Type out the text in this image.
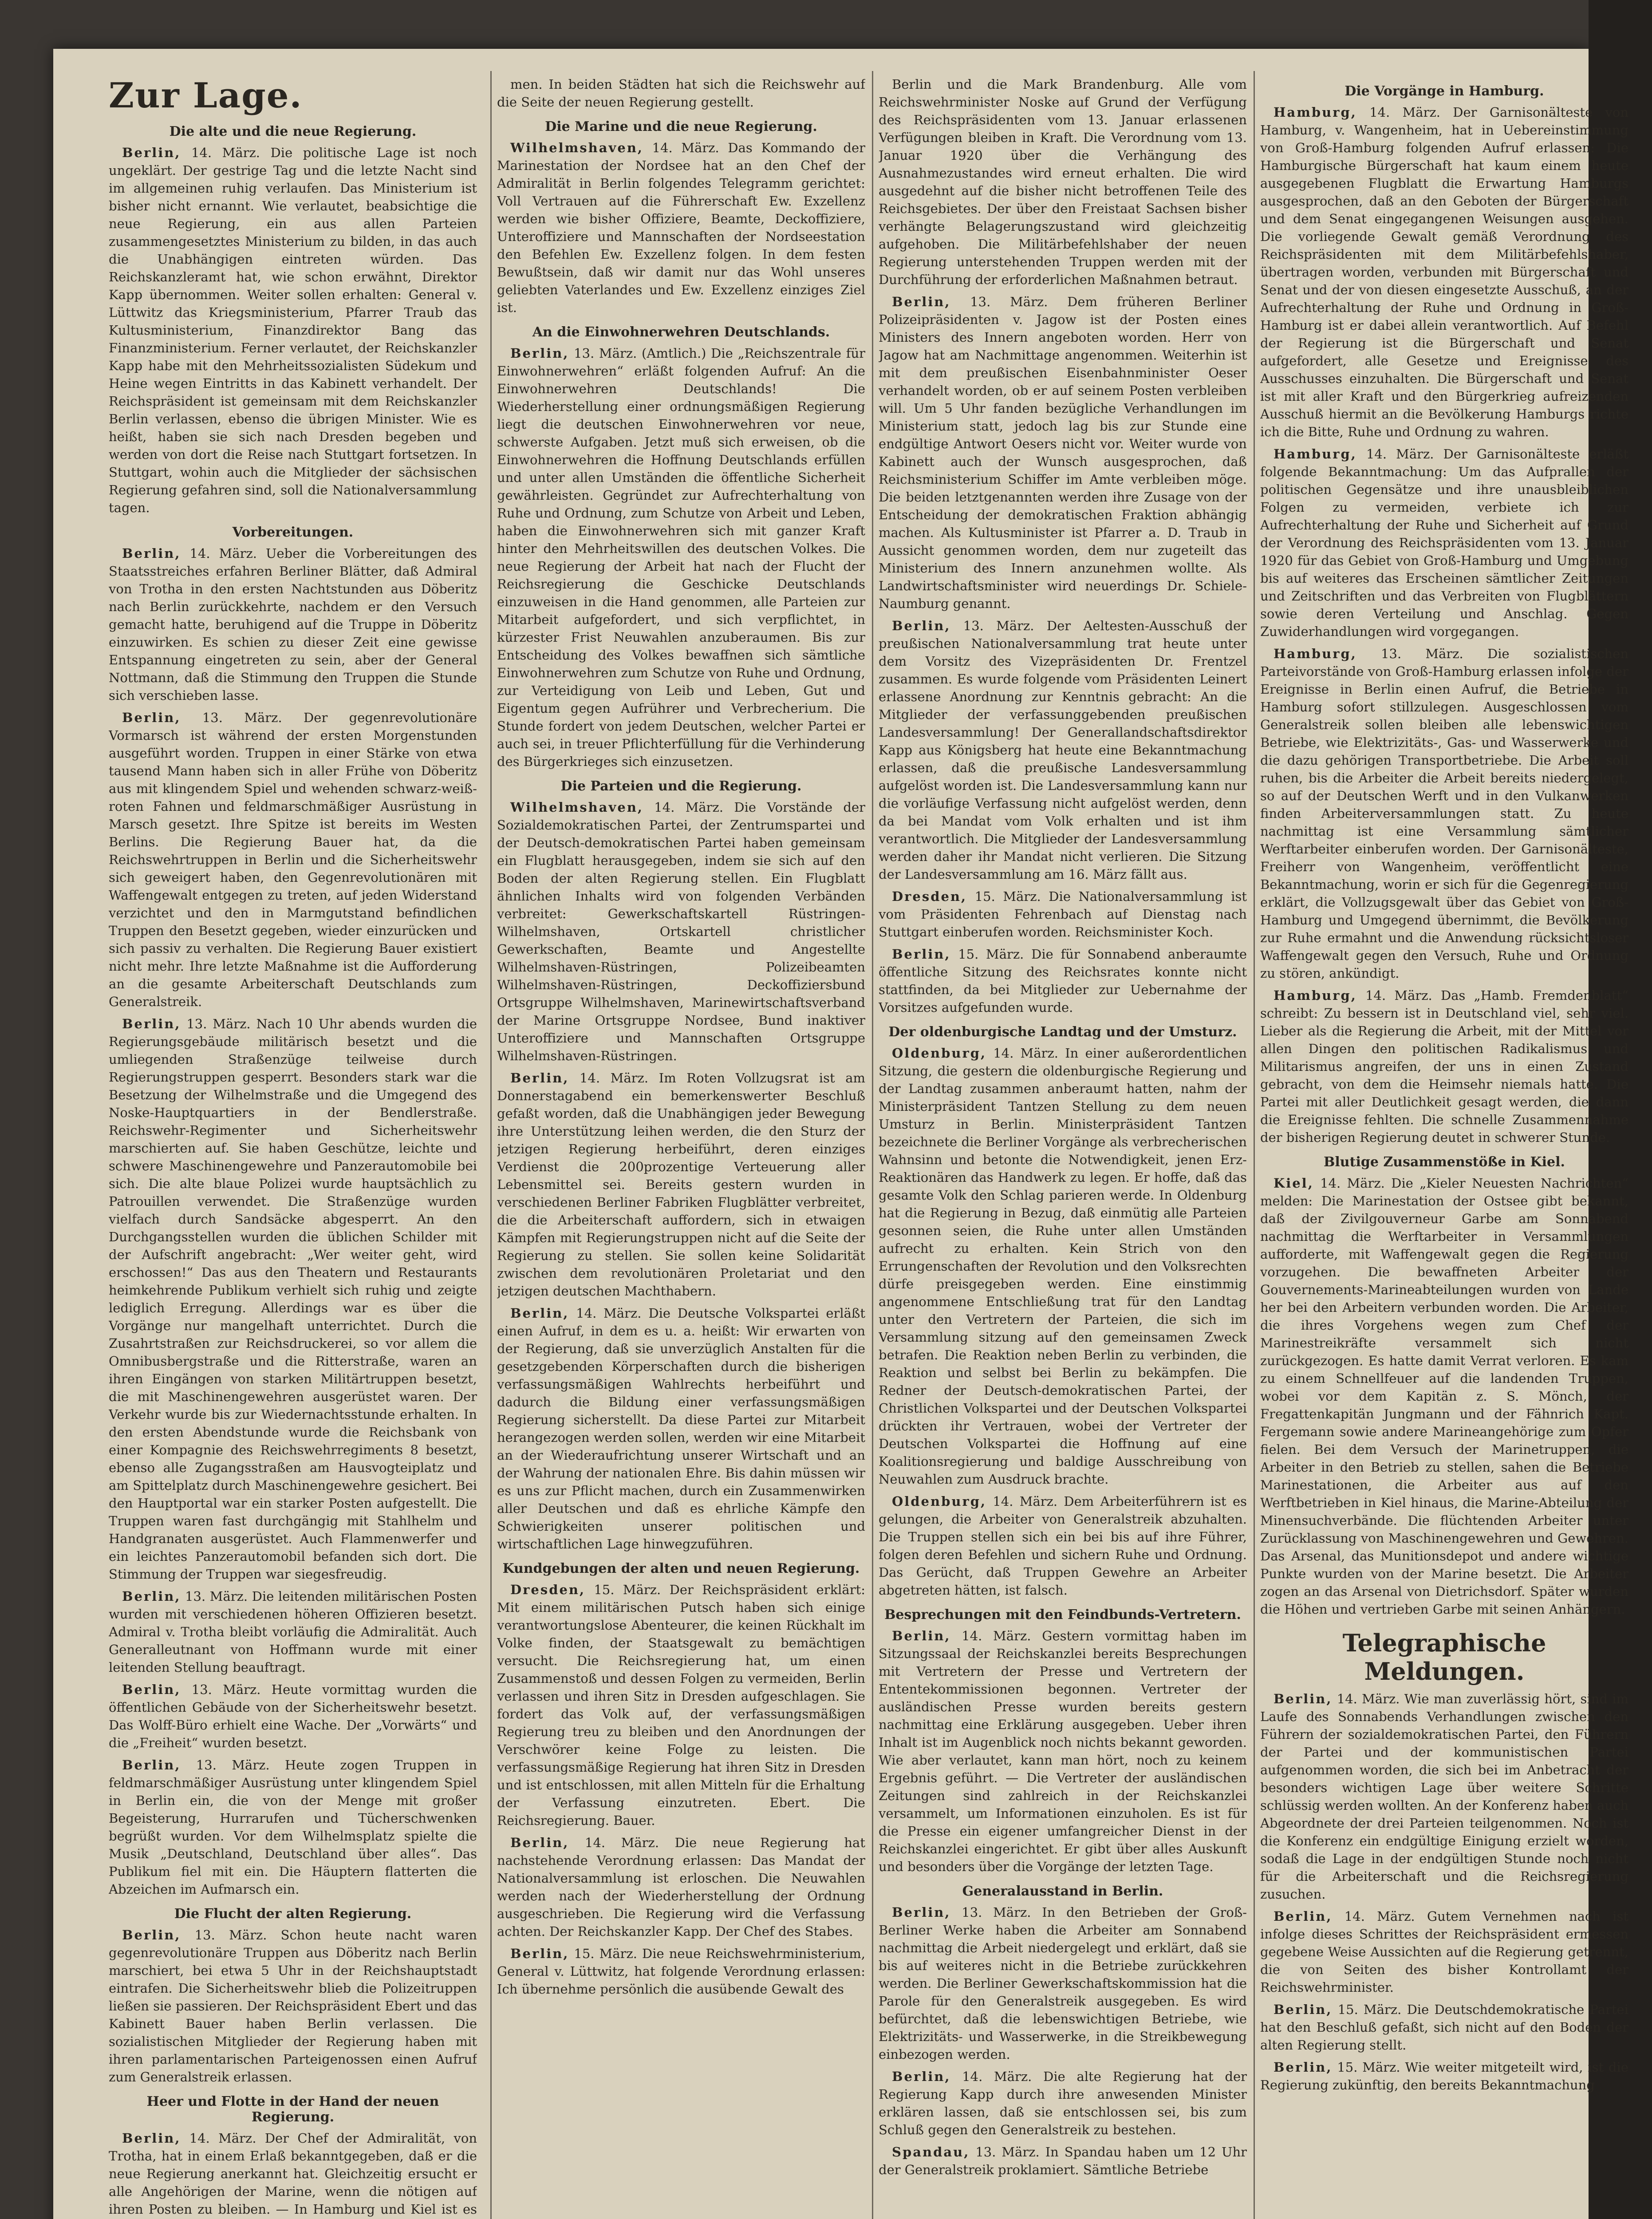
Zur Lage.
Die alte und die neue Regierung.

Berlin, 14. März. Die politische Lage ist noch ungeklärt. Der gestrige Tag und die letzte Nacht sind im allgemeinen ruhig verlaufen. Das Ministerium ist bisher nicht ernannt. Wie verlautet, beabsichtige die neue Regierung, ein aus allen Parteien zusammengesetztes Ministerium zu bilden, in das auch die Unabhängigen eintreten würden. Das Reichskanzleramt hat, wie schon erwähnt, Direktor Kapp übernommen. Weiter sollen erhalten: General v. Lüttwitz das Kriegsministerium, Pfarrer Traub das Kultusministerium, Finanzdirektor Bang das Finanzministerium. Ferner verlautet, der Reichskanzler Kapp habe mit den Mehrheitssozialisten Südekum und Heine wegen Eintritts in das Kabinett verhandelt. Der Reichspräsident ist gemeinsam mit dem Reichskanzler Berlin verlassen, ebenso die übrigen Minister. Wie es heißt, haben sie sich nach Dresden begeben und werden von dort die Reise nach Stuttgart fortsetzen. In Stuttgart, wohin auch die Mitglieder der sächsischen Regierung gefahren sind, soll die Nationalversammlung tagen.

Vorbereitungen.

Berlin, 14. März. Ueber die Vorbereitungen des Staatsstreiches erfahren Berliner Blätter, daß Admiral von Trotha in den ersten Nachtstunden aus Döberitz nach Berlin zurückkehrte, nachdem er den Versuch gemacht hatte, beruhigend auf die Truppe in Döberitz einzuwirken. Es schien zu dieser Zeit eine gewisse Entspannung eingetreten zu sein, aber der General Nottmann, daß die Stimmung den Truppen die Stunde sich verschieben lasse.

Berlin, 13. März. Der gegenrevolutionäre Vormarsch ist während der ersten Morgenstunden ausgeführt worden. Truppen in einer Stärke von etwa tausend Mann haben sich in aller Frühe von Döberitz aus mit klingendem Spiel und wehenden schwarz-weiß-roten Fahnen und feldmarschmäßiger Ausrüstung in Marsch gesetzt. Ihre Spitze ist bereits im Westen Berlins. Die Regierung Bauer hat, da die Reichswehrtruppen in Berlin und die Sicherheitswehr sich geweigert haben, den Gegenrevolutionären mit Waffengewalt entgegen zu treten, auf jeden Widerstand verzichtet und den in Marmgutstand befindlichen Truppen den Besetzt gegeben, wieder einzurücken und sich passiv zu verhalten. Die Regierung Bauer existiert nicht mehr. Ihre letzte Maßnahme ist die Aufforderung an die gesamte Arbeiterschaft Deutschlands zum Generalstreik.

Berlin, 13. März. Nach 10 Uhr abends wurden die Regierungsgebäude militärisch besetzt und die umliegenden Straßenzüge teilweise durch Regierungstruppen gesperrt. Besonders stark war die Besetzung der Wilhelmstraße und die Umgegend des Noske-Hauptquartiers in der Bendlerstraße. Reichswehr-Regimenter und Sicherheitswehr marschierten auf. Sie haben Geschütze, leichte und schwere Maschinengewehre und Panzerautomobile bei sich. Die alte blaue Polizei wurde hauptsächlich zu Patrouillen verwendet. Die Straßenzüge wurden vielfach durch Sandsäcke abgesperrt. An den Durchgangsstellen wurden die üblichen Schilder mit der Aufschrift angebracht: „Wer weiter geht, wird erschossen!“ Das aus den Theatern und Restaurants heimkehrende Publikum verhielt sich ruhig und zeigte lediglich Erregung. Allerdings war es über die Vorgänge nur mangelhaft unterrichtet. Durch die Zusahrtstraßen zur Reichsdruckerei, so vor allem die Omnibusbergstraße und die Ritterstraße, waren an ihren Eingängen von starken Militärtruppen besetzt, die mit Maschinengewehren ausgerüstet waren. Der Verkehr wurde bis zur Wiedernachtsstunde erhalten. In den ersten Abendstunde wurde die Reichsbank von einer Kompagnie des Reichswehrregiments 8 besetzt, ebenso alle Zugangsstraßen am Hausvogteiplatz und am Spittelplatz durch Maschinengewehre gesichert. Bei den Hauptportal war ein starker Posten aufgestellt. Die Truppen waren fast durchgängig mit Stahlhelm und Handgranaten ausgerüstet. Auch Flammenwerfer und ein leichtes Panzerautomobil befanden sich dort. Die Stimmung der Truppen war siegesfreudig.

Berlin, 13. März. Die leitenden militärischen Posten wurden mit verschiedenen höheren Offizieren besetzt. Admiral v. Trotha bleibt vorläufig die Admiralität. Auch Generalleutnant von Hoffmann wurde mit einer leitenden Stellung beauftragt.

Berlin, 13. März. Heute vormittag wurden die öffentlichen Gebäude von der Sicherheitswehr besetzt. Das Wolff-Büro erhielt eine Wache. Der „Vorwärts“ und die „Freiheit“ wurden besetzt.

Berlin, 13. März. Heute zogen Truppen in feldmarschmäßiger Ausrüstung unter klingendem Spiel in Berlin ein, die von der Menge mit großer Begeisterung, Hurrarufen und Tücherschwenken begrüßt wurden. Vor dem Wilhelmsplatz spielte die Musik „Deutschland, Deutschland über alles“. Das Publikum fiel mit ein. Die Häuptern flatterten die Abzeichen im Aufmarsch ein.

Die Flucht der alten Regierung.

Berlin, 13. März. Schon heute nacht waren gegenrevolutionäre Truppen aus Döberitz nach Berlin marschiert, bei etwa 5 Uhr in der Reichshauptstadt eintrafen. Die Sicherheitswehr blieb die Polizeitruppen ließen sie passieren. Der Reichspräsident Ebert und das Kabinett Bauer haben Berlin verlassen. Die sozialistischen Mitglieder der Regierung haben mit ihren parlamentarischen Parteigenossen einen Aufruf zum Generalstreik erlassen.

Heer und Flotte in der Hand der neuen Regierung.

Berlin, 14. März. Der Chef der Admiralität, von Trotha, hat in einem Erlaß bekanntgegeben, daß er die neue Regierung anerkannt hat. Gleichzeitig ersucht er alle Angehörigen der Marine, wenn die nötigen auf ihren Posten zu bleiben. — In Hamburg und Kiel ist es

men. In beiden Städten hat sich die Reichswehr auf die Seite der neuen Regierung gestellt.

Die Marine und die neue Regierung.

Wilhelmshaven, 14. März. Das Kommando der Marinestation der Nordsee hat an den Chef der Admiralität in Berlin folgendes Telegramm gerichtet: Voll Vertrauen auf die Führerschaft Ew. Exzellenz werden wie bisher Offiziere, Beamte, Deckoffiziere, Unteroffiziere und Mannschaften der Nordseestation den Befehlen Ew. Exzellenz folgen. In dem festen Bewußtsein, daß wir damit nur das Wohl unseres geliebten Vaterlandes und Ew. Exzellenz einziges Ziel ist.

An die Einwohnerwehren Deutschlands.

Berlin, 13. März. (Amtlich.) Die „Reichszentrale für Einwohnerwehren“ erläßt folgenden Aufruf: An die Einwohnerwehren Deutschlands! Die Wiederherstellung einer ordnungsmäßigen Regierung liegt die deutschen Einwohnerwehren vor neue, schwerste Aufgaben. Jetzt muß sich erweisen, ob die Einwohnerwehren die Hoffnung Deutschlands erfüllen und unter allen Umständen die öffentliche Sicherheit gewährleisten. Gegründet zur Aufrechterhaltung von Ruhe und Ordnung, zum Schutze von Arbeit und Leben, haben die Einwohnerwehren sich mit ganzer Kraft hinter den Mehrheitswillen des deutschen Volkes. Die neue Regierung der Arbeit hat nach der Flucht der Reichsregierung die Geschicke Deutschlands einzuweisen in die Hand genommen, alle Parteien zur Mitarbeit aufgefordert, und sich verpflichtet, in kürzester Frist Neuwahlen anzuberaumen. Bis zur Entscheidung des Volkes bewaffnen sich sämtliche Einwohnerwehren zum Schutze von Ruhe und Ordnung, zur Verteidigung von Leib und Leben, Gut und Eigentum gegen Aufrührer und Verbrecherium. Die Stunde fordert von jedem Deutschen, welcher Partei er auch sei, in treuer Pflichterfüllung für die Verhinderung des Bürgerkrieges sich einzusetzen.

Die Parteien und die Regierung.

Wilhelmshaven, 14. März. Die Vorstände der Sozialdemokratischen Partei, der Zentrumspartei und der Deutsch-demokratischen Partei haben gemeinsam ein Flugblatt herausgegeben, indem sie sich auf den Boden der alten Regierung stellen. Ein Flugblatt ähnlichen Inhalts wird von folgenden Verbänden verbreitet: Gewerkschaftskartell Rüstringen-Wilhelmshaven, Ortskartell christlicher Gewerkschaften, Beamte und Angestellte Wilhelmshaven-Rüstringen, Polizeibeamten Wilhelmshaven-Rüstringen, Deckoffiziersbund Ortsgruppe Wilhelmshaven, Marinewirtschaftsverband der Marine Ortsgruppe Nordsee, Bund inaktiver Unteroffiziere und Mannschaften Ortsgruppe Wilhelmshaven-Rüstringen.

Berlin, 14. März. Im Roten Vollzugsrat ist am Donnerstagabend ein bemerkenswerter Beschluß gefaßt worden, daß die Unabhängigen jeder Bewegung ihre Unterstützung leihen werden, die den Sturz der jetzigen Regierung herbeiführt, deren einziges Verdienst die 200prozentige Verteuerung aller Lebensmittel sei. Bereits gestern wurden in verschiedenen Berliner Fabriken Flugblätter verbreitet, die die Arbeiterschaft auffordern, sich in etwaigen Kämpfen mit Regierungstruppen nicht auf die Seite der Regierung zu stellen. Sie sollen keine Solidarität zwischen dem revolutionären Proletariat und den jetzigen deutschen Machthabern.

Berlin, 14. März. Die Deutsche Volkspartei erläßt einen Aufruf, in dem es u. a. heißt: Wir erwarten von der Regierung, daß sie unverzüglich Anstalten für die gesetzgebenden Körperschaften durch die bisherigen verfassungsmäßigen Wahlrechts herbeiführt und dadurch die Bildung einer verfassungsmäßigen Regierung sicherstellt. Da diese Partei zur Mitarbeit herangezogen werden sollen, werden wir eine Mitarbeit an der Wiederaufrichtung unserer Wirtschaft und an der Wahrung der nationalen Ehre. Bis dahin müssen wir es uns zur Pflicht machen, durch ein Zusammenwirken aller Deutschen und daß es ehrliche Kämpfe den Schwierigkeiten unserer politischen und wirtschaftlichen Lage hinwegzuführen.

Kundgebungen der alten und neuen Regierung.

Dresden, 15. März. Der Reichspräsident erklärt: Mit einem militärischen Putsch haben sich einige verantwortungslose Abenteurer, die keinen Rückhalt im Volke finden, der Staatsgewalt zu bemächtigen versucht. Die Reichsregierung hat, um einen Zusammenstoß und dessen Folgen zu vermeiden, Berlin verlassen und ihren Sitz in Dresden aufgeschlagen. Sie fordert das Volk auf, der verfassungsmäßigen Regierung treu zu bleiben und den Anordnungen der Verschwörer keine Folge zu leisten. Die verfassungsmäßige Regierung hat ihren Sitz in Dresden und ist entschlossen, mit allen Mitteln für die Erhaltung der Verfassung einzutreten. Ebert. Die Reichsregierung. Bauer.

Berlin, 14. März. Die neue Regierung hat nachstehende Verordnung erlassen: Das Mandat der Nationalversammlung ist erloschen. Die Neuwahlen werden nach der Wiederherstellung der Ordnung ausgeschrieben. Die Regierung wird die Verfassung achten. Der Reichskanzler Kapp. Der Chef des Stabes.

Berlin, 15. März. Die neue Reichswehrministerium, General v. Lüttwitz, hat folgende Verordnung erlassen: Ich übernehme persönlich die ausübende Gewalt des

Berlin und die Mark Brandenburg. Alle vom Reichswehrminister Noske auf Grund der Verfügung des Reichspräsidenten vom 13. Januar erlassenen Verfügungen bleiben in Kraft. Die Verordnung vom 13. Januar 1920 über die Verhängung des Ausnahmezustandes wird erneut erhalten. Die wird ausgedehnt auf die bisher nicht betroffenen Teile des Reichsgebietes. Der über den Freistaat Sachsen bisher verhängte Belagerungszustand wird gleichzeitig aufgehoben. Die Militärbefehlshaber der neuen Regierung unterstehenden Truppen werden mit der Durchführung der erforderlichen Maßnahmen betraut.

Berlin, 13. März. Dem früheren Berliner Polizeipräsidenten v. Jagow ist der Posten eines Ministers des Innern angeboten worden. Herr von Jagow hat am Nachmittage angenommen. Weiterhin ist mit dem preußischen Eisenbahnminister Oeser verhandelt worden, ob er auf seinem Posten verbleiben will. Um 5 Uhr fanden bezügliche Verhandlungen im Ministerium statt, jedoch lag bis zur Stunde eine endgültige Antwort Oesers nicht vor. Weiter wurde von Kabinett auch der Wunsch ausgesprochen, daß Reichsministerium Schiffer im Amte verbleiben möge. Die beiden letztgenannten werden ihre Zusage von der Entscheidung der demokratischen Fraktion abhängig machen. Als Kultusminister ist Pfarrer a. D. Traub in Aussicht genommen worden, dem nur zugeteilt das Ministerium des Innern anzunehmen wollte. Als Landwirtschaftsminister wird neuerdings Dr. Schiele-Naumburg genannt.

Berlin, 13. März. Der Aeltesten-Ausschuß der preußischen Nationalversammlung trat heute unter dem Vorsitz des Vizepräsidenten Dr. Frentzel zusammen. Es wurde folgende vom Präsidenten Leinert erlassene Anordnung zur Kenntnis gebracht: An die Mitglieder der verfassunggebenden preußischen Landesversammlung! Der Generallandschaftsdirektor Kapp aus Königsberg hat heute eine Bekanntmachung erlassen, daß die preußische Landesversammlung aufgelöst worden ist. Die Landesversammlung kann nur die vorläufige Verfassung nicht aufgelöst werden, denn da bei Mandat vom Volk erhalten und ist ihm verantwortlich. Die Mitglieder der Landesversammlung werden daher ihr Mandat nicht verlieren. Die Sitzung der Landesversammlung am 16. März fällt aus.

Dresden, 15. März. Die Nationalversammlung ist vom Präsidenten Fehrenbach auf Dienstag nach Stuttgart einberufen worden. Reichsminister Koch.

Berlin, 15. März. Die für Sonnabend anberaumte öffentliche Sitzung des Reichsrates konnte nicht stattfinden, da bei Mitglieder zur Uebernahme der Vorsitzes aufgefunden wurde.

Der oldenburgische Landtag und der Umsturz.

Oldenburg, 14. März. In einer außerordentlichen Sitzung, die gestern die oldenburgische Regierung und der Landtag zusammen anberaumt hatten, nahm der Ministerpräsident Tantzen Stellung zu dem neuen Umsturz in Berlin. Ministerpräsident Tantzen bezeichnete die Berliner Vorgänge als verbrecherischen Wahnsinn und betonte die Notwendigkeit, jenen Erz-Reaktionären das Handwerk zu legen. Er hoffe, daß das gesamte Volk den Schlag parieren werde. In Oldenburg hat die Regierung in Bezug, daß einmütig alle Parteien gesonnen seien, die Ruhe unter allen Umständen aufrecht zu erhalten. Kein Strich von den Errungenschaften der Revolution und den Volksrechten dürfe preisgegeben werden. Eine einstimmig angenommene Entschließung trat für den Landtag unter den Vertretern der Parteien, die sich im Versammlung sitzung auf den gemeinsamen Zweck betrafen. Die Reaktion neben Berlin zu verbinden, die Reaktion und selbst bei Berlin zu bekämpfen. Die Redner der Deutsch-demokratischen Partei, der Christlichen Volkspartei und der Deutschen Volkspartei drückten ihr Vertrauen, wobei der Vertreter der Deutschen Volkspartei die Hoffnung auf eine Koalitionsregierung und baldige Ausschreibung von Neuwahlen zum Ausdruck brachte.

Oldenburg, 14. März. Dem Arbeiterführern ist es gelungen, die Arbeiter von Generalstreik abzuhalten. Die Truppen stellen sich ein bei bis auf ihre Führer, folgen deren Befehlen und sichern Ruhe und Ordnung. Das Gerücht, daß Truppen Gewehre an Arbeiter abgetreten hätten, ist falsch.

Besprechungen mit den Feindbunds-Vertretern.

Berlin, 14. März. Gestern vormittag haben im Sitzungssaal der Reichskanzlei bereits Besprechungen mit Vertretern der Presse und Vertretern der Ententekommissionen begonnen. Vertreter der ausländischen Presse wurden bereits gestern nachmittag eine Erklärung ausgegeben. Ueber ihren Inhalt ist im Augenblick noch nichts bekannt geworden. Wie aber verlautet, kann man hört, noch zu keinem Ergebnis geführt. — Die Vertreter der ausländischen Zeitungen sind zahlreich in der Reichskanzlei versammelt, um Informationen einzuholen. Es ist für die Presse ein eigener umfangreicher Dienst in der Reichskanzlei eingerichtet. Er gibt über alles Auskunft und besonders über die Vorgänge der letzten Tage.

Generalausstand in Berlin.

Berlin, 13. März. In den Betrieben der Groß-Berliner Werke haben die Arbeiter am Sonnabend nachmittag die Arbeit niedergelegt und erklärt, daß sie bis auf weiteres nicht in die Betriebe zurückkehren werden. Die Berliner Gewerkschaftskommission hat die Parole für den Generalstreik ausgegeben. Es wird befürchtet, daß die lebenswichtigen Betriebe, wie Elektrizitäts- und Wasserwerke, in die Streikbewegung einbezogen werden.

Berlin, 14. März. Die alte Regierung hat der Regierung Kapp durch ihre anwesenden Minister erklären lassen, daß sie entschlossen sei, bis zum Schluß gegen den Generalstreik zu bestehen.

Spandau, 13. März. In Spandau haben um 12 Uhr der Generalstreik proklamiert. Sämtliche Betriebe

Die Vorgänge in Hamburg.

Hamburg, 14. März. Der Garnisonälteste von Hamburg, v. Wangenheim, hat in Uebereinstimmung von Groß-Hamburg folgenden Aufruf erlassen: Die Hamburgische Bürgerschaft hat kaum einem heute ausgegebenen Flugblatt die Erwartung Hamburgs ausgesprochen, daß an den Geboten der Bürgerschaft und dem Senat eingegangenen Weisungen ausgehen. Die vorliegende Gewalt gemäß Verordnung des Reichspräsidenten mit dem Militärbefehlshaber, übertragen worden, verbunden mit Bürgerschaft und Senat und der von diesen eingesetzte Ausschuß, an der Aufrechterhaltung der Ruhe und Ordnung in Groß-Hamburg ist er dabei allein verantwortlich. Auf Befehl der Regierung ist die Bürgerschaft und Senat aufgefordert, alle Gesetze und Ereignisse des Ausschusses einzuhalten. Die Bürgerschaft und Senat ist mit aller Kraft und den Bürgerkrieg aufreizenden Ausschuß hiermit an die Bevölkerung Hamburgs richte ich die Bitte, Ruhe und Ordnung zu wahren.

Hamburg, 14. März. Der Garnisonälteste erläßt folgende Bekanntmachung: Um das Aufprallen der politischen Gegensätze und ihre unausbleiblichen Folgen zu vermeiden, verbiete ich zur Aufrechterhaltung der Ruhe und Sicherheit auf Grund der Verordnung des Reichspräsidenten vom 13. Januar 1920 für das Gebiet von Groß-Hamburg und Umgebung bis auf weiteres das Erscheinen sämtlicher Zeitungen und Zeitschriften und das Verbreiten von Flugblättern sowie deren Verteilung und Anschlag. Gegen Zuwiderhandlungen wird vorgegangen.

Hamburg, 13. März. Die sozialistischen Parteivorstände von Groß-Hamburg erlassen infolge der Ereignisse in Berlin einen Aufruf, die Betriebe in Hamburg sofort stillzulegen. Ausgeschlossen vom Generalstreik sollen bleiben alle lebenswichtigen Betriebe, wie Elektrizitäts-, Gas- und Wasserwerke und die dazu gehörigen Transportbetriebe. Die Arbeit soll ruhen, bis die Arbeiter die Arbeit bereits niedergelegt, so auf der Deutschen Werft und in den Vulkanwerken finden Arbeiterversammlungen statt. Zu heute nachmittag ist eine Versammlung sämtlicher Werftarbeiter einberufen worden. Der Garnisonälteste, Freiherr von Wangenheim, veröffentlicht eine Bekanntmachung, worin er sich für die Gegenregierung erklärt, die Vollzugsgewalt über das Gebiet von Groß-Hamburg und Umgegend übernimmt, die Bevölkerung zur Ruhe ermahnt und die Anwendung rücksichtsloser Waffengewalt gegen den Versuch, Ruhe und Ordnung zu stören, ankündigt.

Hamburg, 14. März. Das „Hamb. Fremdenblatt“ schreibt: Zu bessern ist in Deutschland viel, sehr viel. Lieber als die Regierung die Arbeit, mit der Mittel vor allen Dingen den politischen Radikalismus und Militarismus angreifen, der uns in einen Zustand gebracht, von dem die Heimsehr niemals hatte. Die Partei mit aller Deutlichkeit gesagt werden, die dann die Ereignisse fehlten. Die schnelle Zusammennahme der bisherigen Regierung deutet in schwerer Stunde.

Blutige Zusammenstöße in Kiel.

Kiel, 14. März. Die „Kieler Neuesten Nachrichten“ melden: Die Marinestation der Ostsee gibt bekannt, daß der Zivilgouverneur Garbe am Sonnabend nachmittag die Werftarbeiter in Versammlungen aufforderte, mit Waffengewalt gegen die Regierung vorzugehen. Die bewaffneten Arbeiter der Gouvernements-Marineabteilungen wurden von Lande her bei den Arbeitern verbunden worden. Die Arbeiter, die ihres Vorgehens wegen zum Chef der Marinestreikräfte versammelt sich nicht zurückgezogen. Es hatte damit Verrat verloren. Es kam zu einem Schnellfeuer auf die landenden Truppen, wobei vor dem Kapitän z. S. Mönch, der Fregattenkapitän Jungmann und der Fähnrich Kapt. Fergemann sowie andere Marineangehörige zum Opfer fielen. Bei dem Versuch der Marinetruppen, die Arbeiter in den Betrieb zu stellen, sahen die Betriebe Marinestationen, die Arbeiter aus auf den Werftbetrieben in Kiel hinaus, die Marine-Abteilung der Minensuchverbände. Die flüchtenden Arbeiter unter Zurücklassung von Maschinengewehren und Gewehren. Das Arsenal, das Munitionsdepot und andere wichtige Punkte wurden von der Marine besetzt. Die Arbeiter zogen an das Arsenal von Dietrichsdorf. Später wurden die Höhen und vertrieben Garbe mit seinen Anhängern.

Telegraphische Meldungen.

Berlin, 14. März. Wie man zuverlässig hört, sind im Laufe des Sonnabends Verhandlungen zwischen den Führern der sozialdemokratischen Partei, den Führern der Partei und der kommunistischen Partei aufgenommen worden, die sich bei im Anbetracht der besonders wichtigen Lage über weitere Schritte schlüssig werden wollten. An der Konferenz haben auch Abgeordnete der drei Parteien teilgenommen. Noch ist die Konferenz ein endgültige Einigung erzielt worden, sodaß die Lage in der endgültigen Stunde noch nicht für die Arbeiterschaft und die Reichsregierung zusuchen.

Berlin, 14. März. Gutem Vernehmen nach ist infolge dieses Schrittes der Reichspräsident ermessen gegebene Weise Aussichten auf die Regierung getrennt, die von Seiten des bisher Kontrollamt der Reichswehrminister.

Berlin, 15. März. Die Deutschdemokratische Partei hat den Beschluß gefaßt, sich nicht auf den Boden der alten Regierung stellt.

Berlin, 15. März. Wie weiter mitgeteilt wird, ist die Regierung zukünftig, den bereits Bekanntmachung
